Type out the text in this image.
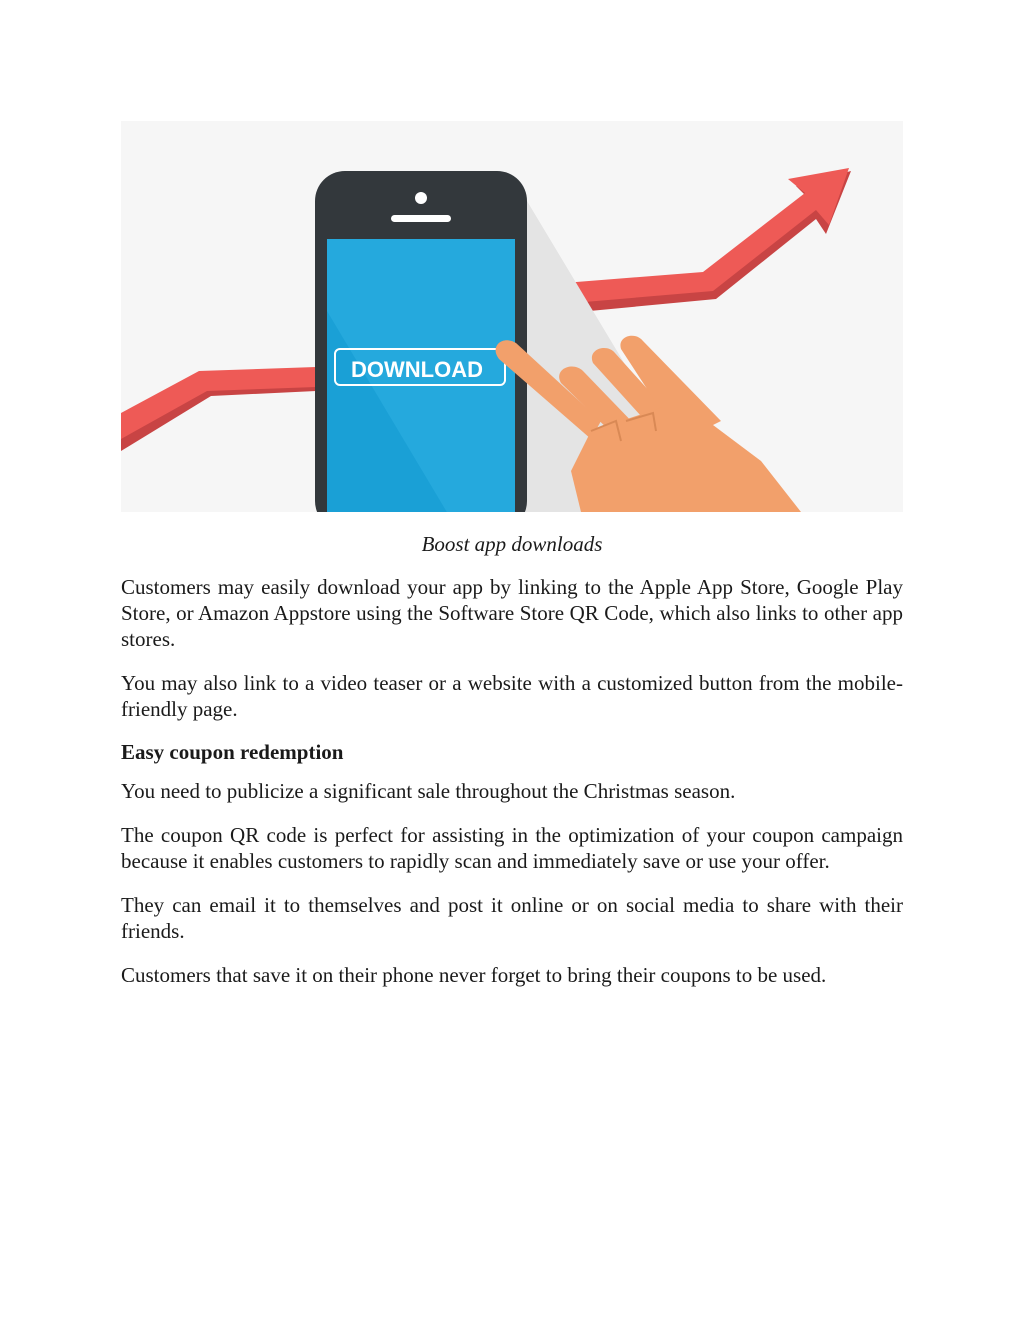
DOWNLOAD
Boost app downloads

Customers may easily download your app by linking to the Apple App Store, Google Play Store, or Amazon Appstore using the Software Store QR Code, which also links to other app stores.

You may also link to a video teaser or a website with a customized button from the mobile-friendly page.

Easy coupon redemption

You need to publicize a significant sale throughout the Christmas season.

The coupon QR code is perfect for assisting in the optimization of your coupon campaign because it enables customers to rapidly scan and immediately save or use your offer.

They can email it to themselves and post it online or on social media to share with their friends.

Customers that save it on their phone never forget to bring their coupons to be used.
